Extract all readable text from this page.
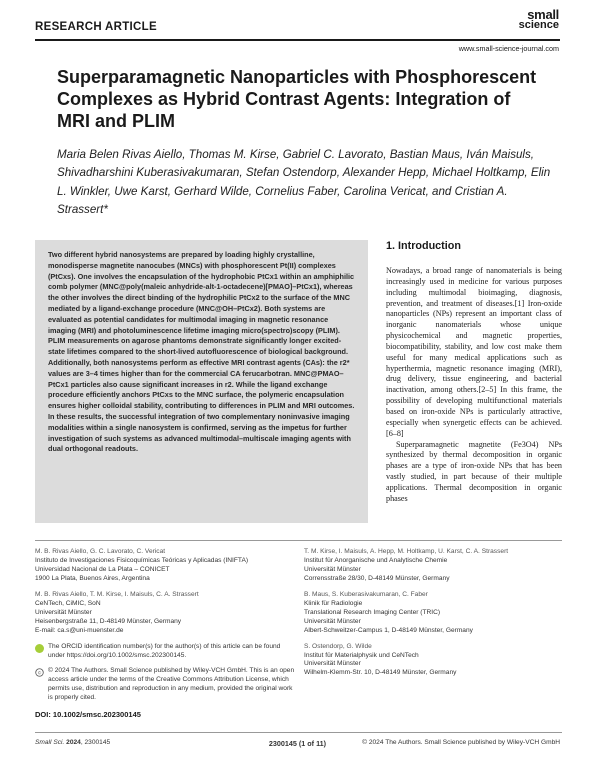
RESEARCH ARTICLE
small
science
www.small-science-journal.com
Superparamagnetic Nanoparticles with Phosphorescent Complexes as Hybrid Contrast Agents: Integration of MRI and PLIM
Maria Belen Rivas Aiello, Thomas M. Kirse, Gabriel C. Lavorato, Bastian Maus, Iván Maisuls, Shivadharshini Kuberasivakumaran, Stefan Ostendorp, Alexander Hepp, Michael Holtkamp, Elin L. Winkler, Uwe Karst, Gerhard Wilde, Cornelius Faber, Carolina Vericat, and Cristian A. Strassert*

Two different hybrid nanosystems are prepared by loading highly crystalline, monodisperse magnetite nanocubes (MNCs) with phosphorescent Pt(II) complexes (PtCxs). One involves the encapsulation of the hydrophobic PtCx1 within an amphiphilic comb polymer (MNC@poly(maleic anhydride-alt-1-octadecene)[PMAO]–PtCx1), whereas the other involves the direct binding of the hydrophilic PtCx2 to the surface of the MNC mediated by a ligand-exchange procedure (MNC@OH–PtCx2). Both systems are evaluated as potential candidates for multimodal imaging in magnetic resonance imaging (MRI) and photoluminescence lifetime imaging micro(spectro)scopy (PLIM). PLIM measurements on agarose phantoms demonstrate significantly longer excited-state lifetimes compared to the short-lived autofluorescence of biological background. Additionally, both nanosystems perform as effective MRI contrast agents (CAs): the r2* values are 3–4 times higher than for the commercial CA ferucarbotran. MNC@PMAO–PtCx1 particles also cause significant increases in r2. While the ligand exchange procedure efficiently anchors PtCxs to the MNC surface, the polymeric encapsulation ensures higher colloidal stability, contributing to differences in PLIM and MRI outcomes. In these results, the successful integration of two complementary noninvasive imaging modalities within a single nanosystem is confirmed, serving as the impetus for further investigation of such systems as advanced multimodal–multiscale imaging agents with dual orthogonal readouts.

1. Introduction

Nowadays, a broad range of nanomaterials is being increasingly used in medicine for various purposes including multimodal bioimaging, diagnosis, prevention, and treatment of diseases.[1] Iron-oxide nanoparticles (NPs) represent an important class of inorganic nanomaterials whose unique physicochemical and magnetic properties, biocompatibility, stability, and low cost make them useful for many medical applications such as hyperthermia, magnetic resonance imaging (MRI), drug delivery, tissue engineering, and bacterial inactivation, among others.[2–5] In this frame, the possibility of developing multifunctional materials based on iron-oxide NPs is particularly attractive, especially when synergetic effects can be achieved.[6–8]

Superparamagnetic magnetite (Fe3O4) NPs synthesized by thermal decomposition in organic phases are a type of iron-oxide NPs that has been vastly studied, in part because of their multiple applications. Thermal decomposition in organic phases

M. B. Rivas Aiello, G. C. Lavorato, C. Vericat
Instituto de Investigaciones Fisicoquímicas Teóricas y Aplicadas (INIFTA)
Universidad Nacional de La Plata – CONICET
1900 La Plata, Buenos Aires, Argentina
M. B. Rivas Aiello, T. M. Kirse, I. Maisuls, C. A. Strassert
CeNTech, CiMIC, SoN
Universität Münster
Heisenbergstraße 11, D-48149 Münster, Germany
E-mail: ca.s@uni-muenster.de
The ORCID identification number(s) for the author(s) of this article can be found under https://doi.org/10.1002/smsc.202300145.
© © 2024 The Authors. Small Science published by Wiley-VCH GmbH. This is an open access article under the terms of the Creative Commons Attribution License, which permits use, distribution and reproduction in any medium, provided the original work is properly cited.
DOI: 10.1002/smsc.202300145
T. M. Kirse, I. Maisuls, A. Hepp, M. Holtkamp, U. Karst, C. A. Strassert
Institut für Anorganische und Analytische Chemie
Universität Münster
Corrensstraße 28/30, D-48149 Münster, Germany
B. Maus, S. Kuberasivakumaran, C. Faber
Klinik für Radiologie
Translational Research Imaging Center (TRIC)
Universität Münster
Albert-Schweitzer-Campus 1, D-48149 Münster, Germany
S. Ostendorp, G. Wilde
Institut für Materialphysik und CeNTech
Universität Münster
Wilhelm-Klemm-Str. 10, D-48149 Münster, Germany
Small Sci. 2024, 2300145	2300145 (1 of 11)	© 2024 The Authors. Small Science published by Wiley-VCH GmbH
